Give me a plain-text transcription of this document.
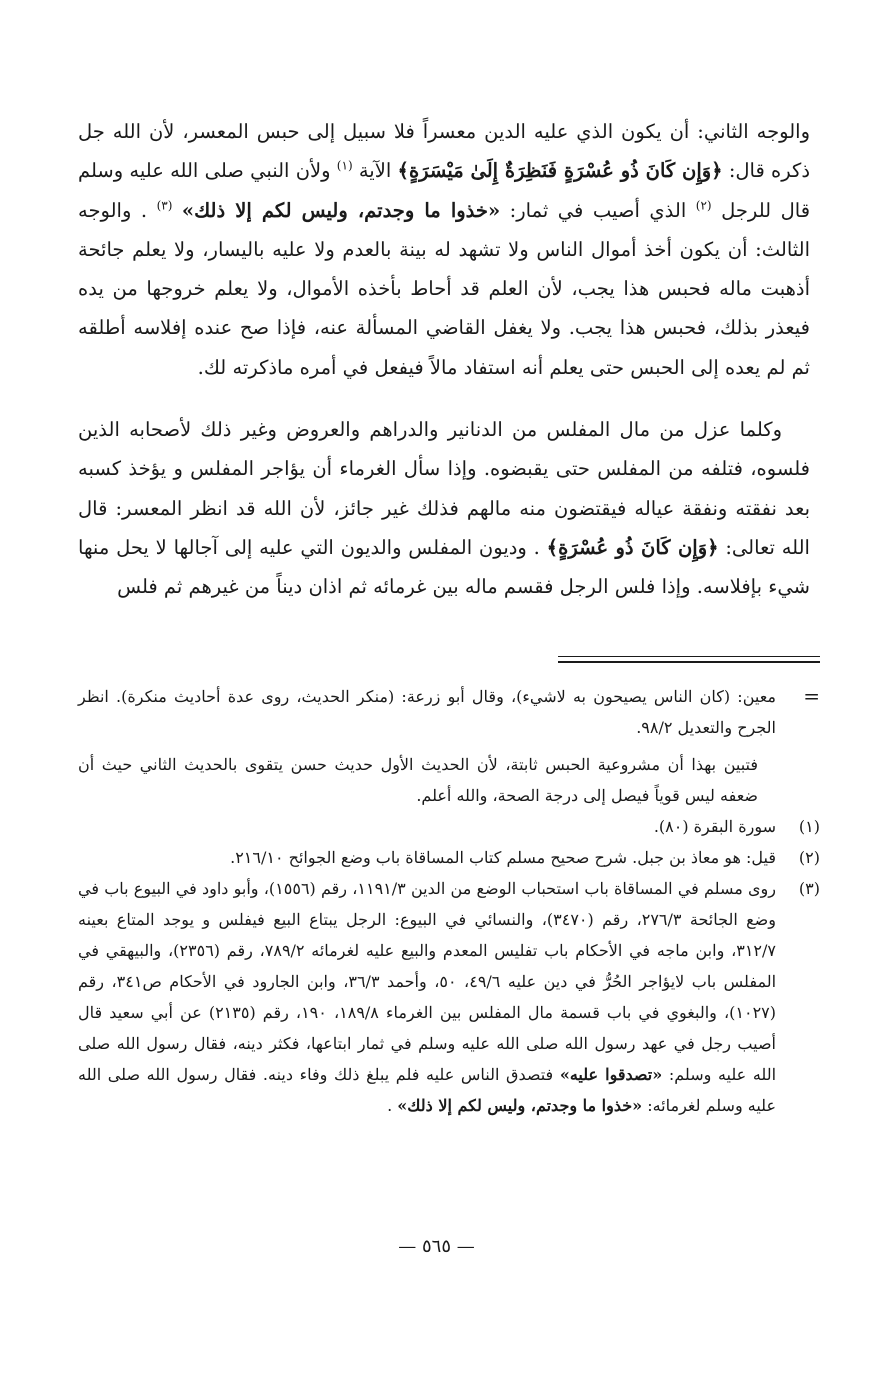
والوجه الثاني: أن يكون الذي عليه الدين معسراً فلا سبيل إلى حبس المعسر، لأن الله جل ذكره قال: ﴿وَإِن كَانَ ذُو عُسْرَةٍ فَنَظِرَةٌ إِلَىٰ مَيْسَرَةٍ﴾ الآية $^{(١)}$ ولأن النبي صلى الله عليه وسلم قال للرجل $^{(٢)}$ الذي أصيب في ثمار: «خذوا ما وجدتم، وليس لكم إلا ذلك» $^{(٣)}$ . والوجه الثالث: أن يكون أخذ أموال الناس ولا تشهد له بينة بالعدم ولا عليه باليسار، ولا يعلم جائحة أذهبت ماله فحبس هذا يجب، لأن العلم قد أحاط بأخذه الأموال، ولا يعلم خروجها من يده فيعذر بذلك، فحبس هذا يجب. ولا يغفل القاضي المسألة عنه، فإذا صح عنده إفلاسه أطلقه ثم لم يعده إلى الحبس حتى يعلم أنه استفاد مالاً فيفعل في أمره ماذكرته لك.

وكلما عزل من مال المفلس من الدنانير والدراهم والعروض وغير ذلك لأصحابه الذين فلسوه، فتلفه من المفلس حتى يقبضوه. وإذا سأل الغرماء أن يؤاجر المفلس و يؤخذ كسبه بعد نفقته ونفقة عياله فيقتضون منه مالهم فذلك غير جائز، لأن الله قد انظر المعسر: قال الله تعالى: ﴿وَإِن كَانَ ذُو عُسْرَةٍ﴾ . وديون المفلس والديون التي عليه إلى آجالها لا يحل منها شيء بإفلاسه. وإذا فلس الرجل فقسم ماله بين غرمائه ثم اذان ديناً من غيرهم ثم فلس

=
معين: (كان الناس يصيحون به لاشيء)، وقال أبو زرعة: (منكر الحديث، روى عدة أحاديث منكرة). انظر الجرح والتعديل ٩٨/٢.

فتبين بهذا أن مشروعية الحبس ثابتة، لأن الحديث الأول حديث حسن يتقوى بالحديث الثاني حيث أن ضعفه ليس قوياً فيصل إلى درجة الصحة، والله أعلم.

(١)
سورة البقرة (٨٠).
(٢)
قيل: هو معاذ بن جبل. شرح صحيح مسلم كتاب المساقاة باب وضع الجوائح ٢١٦/١٠.
(٣)
روى مسلم في المساقاة باب استحباب الوضع من الدين ١١٩١/٣، رقم (١٥٥٦)، وأبو داود في البيوع باب في وضع الجائحة ٢٧٦/٣، رقم (٣٤٧٠)، والنسائي في البيوع: الرجل يبتاع البيع فيفلس و يوجد المتاع بعينه ٣١٢/٧، وابن ماجه في الأحكام باب تفليس المعدم والبيع عليه لغرمائه ٧٨٩/٢، رقم (٢٣٥٦)، والبيهقي في المفلس باب لايؤاجر الحُرُّ في دين عليه ٤٩/٦، ٥٠، وأحمد ٣٦/٣، وابن الجارود في الأحكام ص٣٤١، رقم (١٠٢٧)، والبغوي في باب قسمة مال المفلس بين الغرماء ١٨٩/٨، ١٩٠، رقم (٢١٣٥) عن أبي سعيد قال أصيب رجل في عهد رسول الله صلى الله عليه وسلم في ثمار ابتاعها، فكثر دينه، فقال رسول الله صلى الله عليه وسلم: «تصدقوا عليه» فتصدق الناس عليه فلم يبلغ ذلك وفاء دينه. فقال رسول الله صلى الله عليه وسلم لغرمائه: «خذوا ما وجدتم، وليس لكم إلا ذلك» .
— ٥٦٥ —
